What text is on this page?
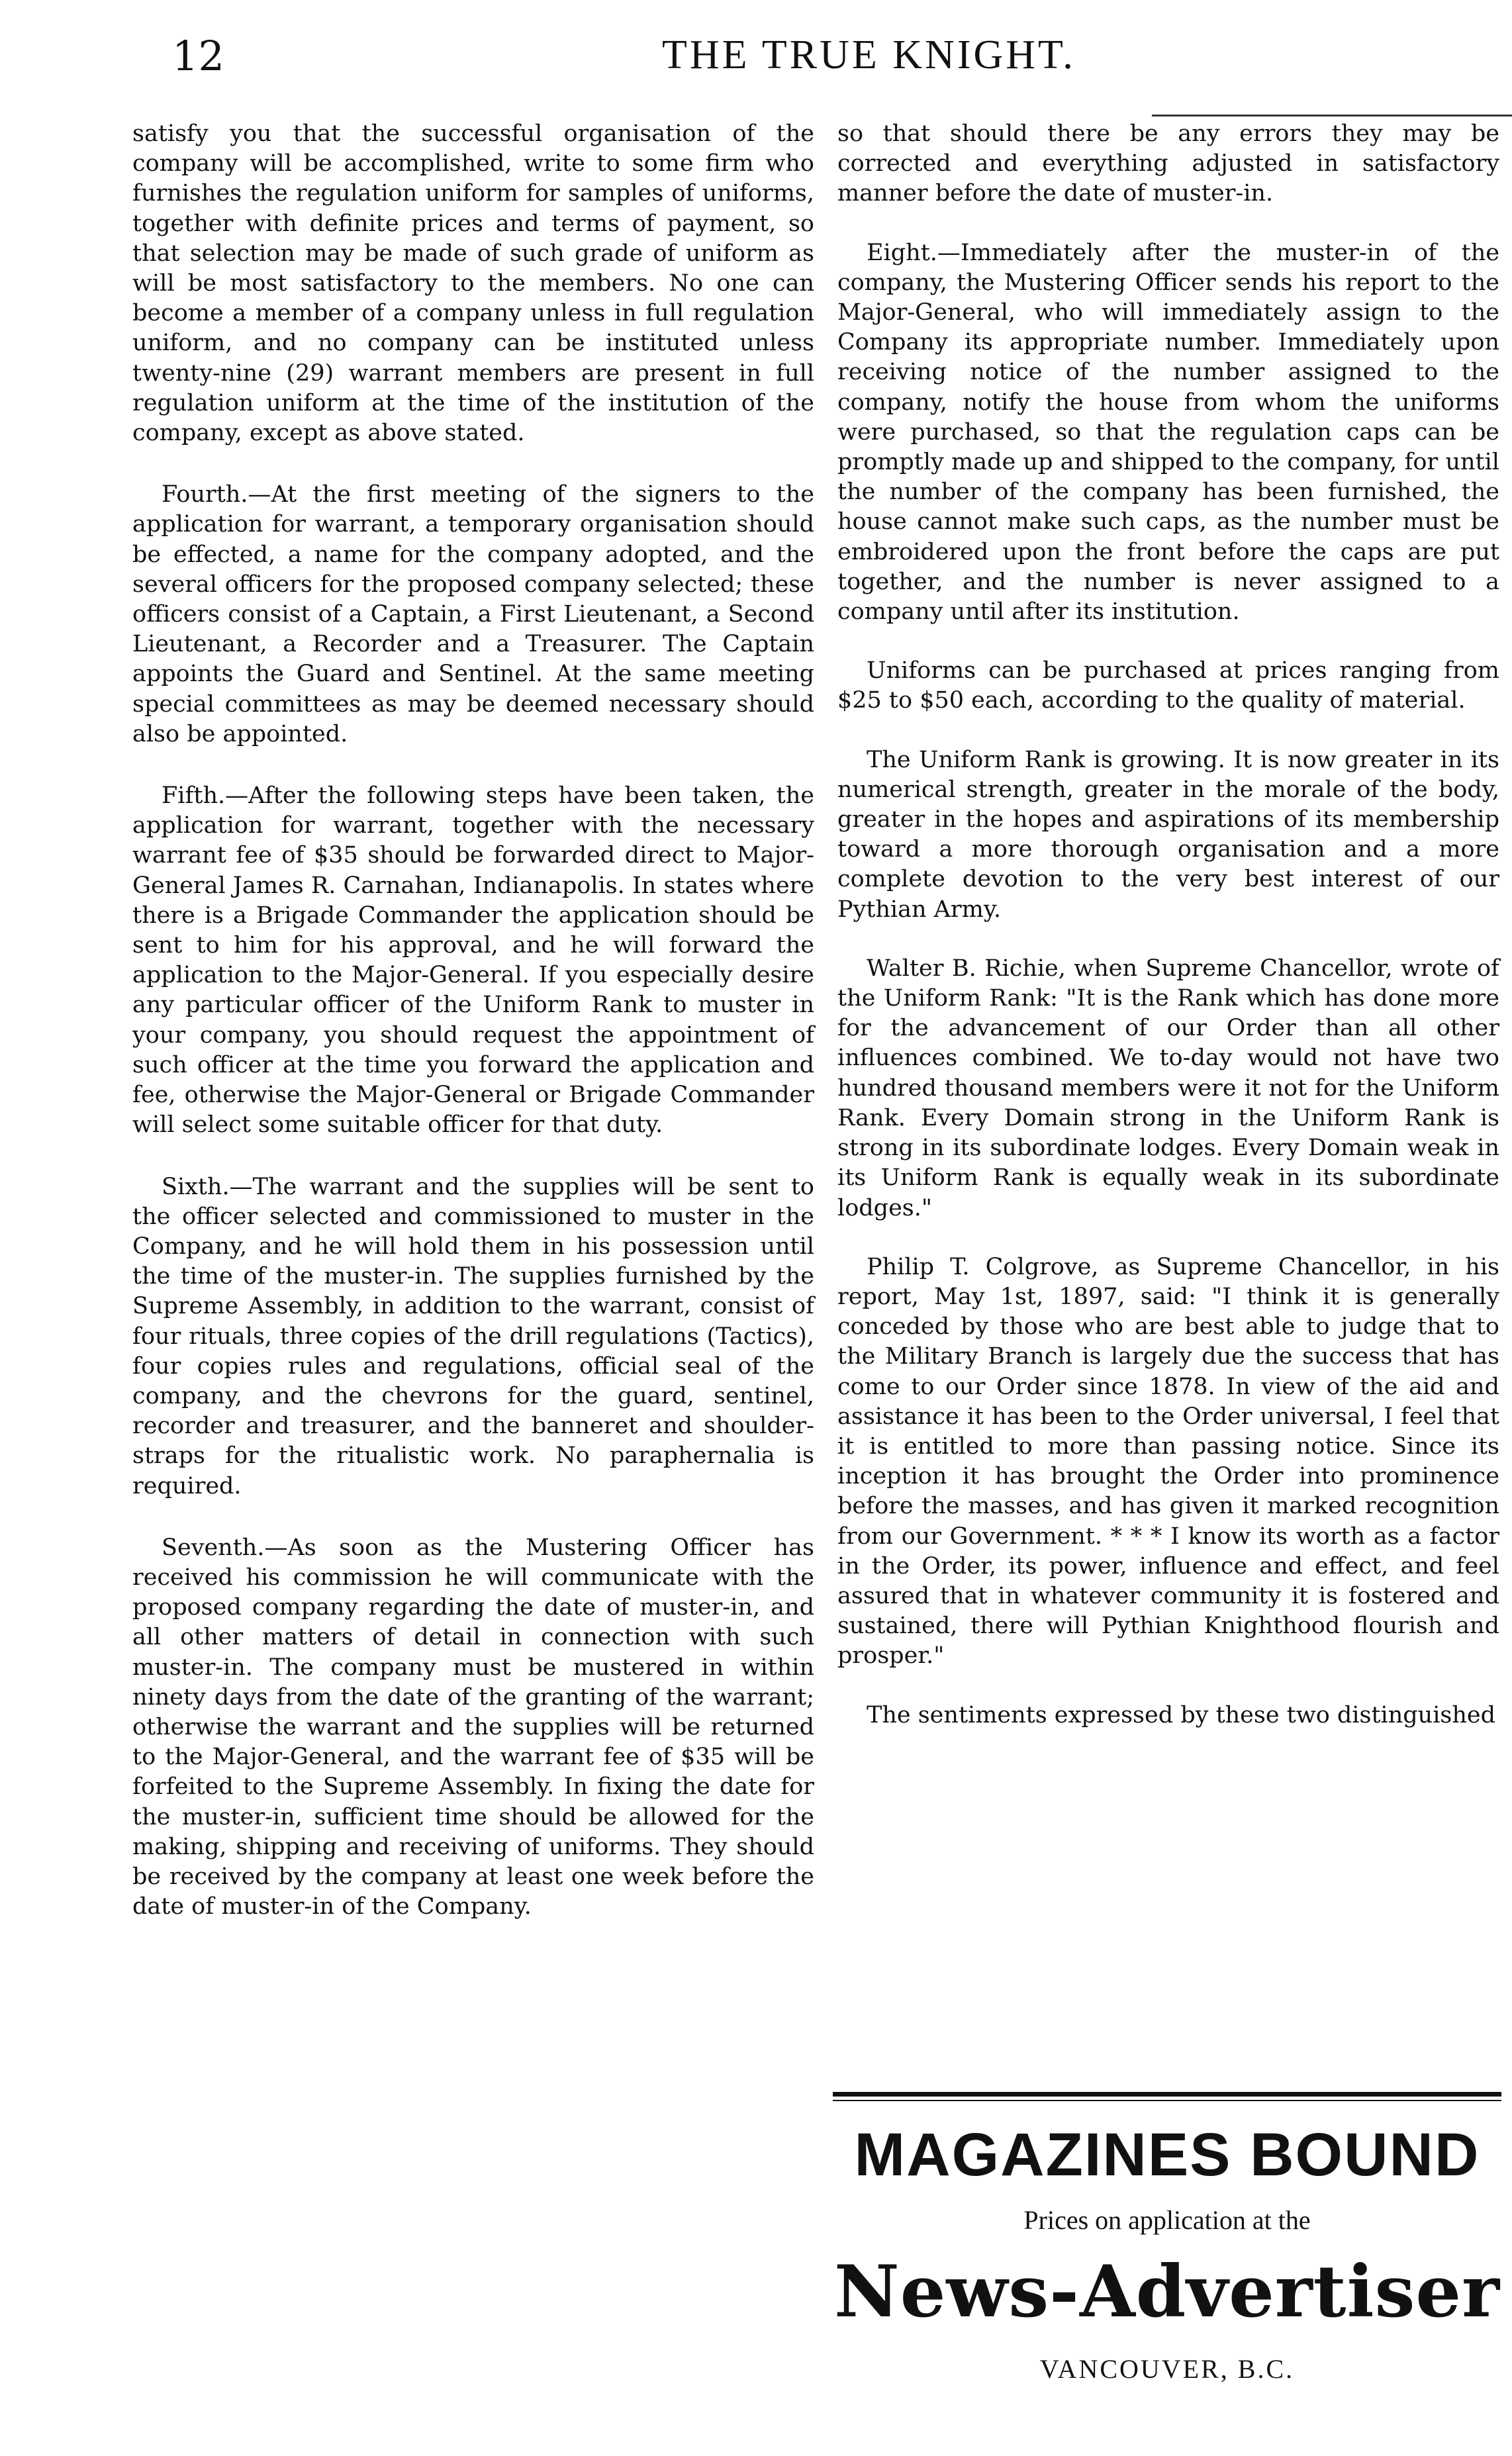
12	THE TRUE KNIGHT.

satisfy you that the successful organisation of the company will be accomplished, write to some firm who furnishes the regulation uniform for samples of uniforms, together with definite prices and terms of payment, so that selection may be made of such grade of uniform as will be most satisfactory to the members. No one can become a member of a company unless in full regulation uniform, and no company can be instituted unless twenty-nine (29) warrant members are present in full regulation uniform at the time of the institution of the company, except as above stated.

Fourth.—At the first meeting of the signers to the application for warrant, a temporary organisation should be effected, a name for the company adopted, and the several officers for the proposed company selected; these officers consist of a Captain, a First Lieutenant, a Second Lieutenant, a Recorder and a Treasurer. The Captain appoints the Guard and Sentinel. At the same meeting special committees as may be deemed necessary should also be appointed.

Fifth.—After the following steps have been taken, the application for warrant, together with the necessary warrant fee of $35 should be forwarded direct to Major-General James R. Carnahan, Indianapolis. In states where there is a Brigade Commander the application should be sent to him for his approval, and he will forward the application to the Major-General. If you especially desire any particular officer of the Uniform Rank to muster in your company, you should request the appointment of such officer at the time you forward the application and fee, otherwise the Major-General or Brigade Commander will select some suitable officer for that duty.

Sixth.—The warrant and the supplies will be sent to the officer selected and commissioned to muster in the Company, and he will hold them in his possession until the time of the muster-in. The supplies furnished by the Supreme Assembly, in addition to the warrant, consist of four rituals, three copies of the drill regulations (Tactics), four copies rules and regulations, official seal of the company, and the chevrons for the guard, sentinel, recorder and treasurer, and the banneret and shoulder-straps for the ritualistic work. No paraphernalia is required.

Seventh.—As soon as the Mustering Officer has received his commission he will communicate with the proposed company regarding the date of muster-in, and all other matters of detail in connection with such muster-in. The company must be mustered in within ninety days from the date of the granting of the warrant; otherwise the warrant and the supplies will be returned to the Major-General, and the warrant fee of $35 will be forfeited to the Supreme Assembly. In fixing the date for the muster-in, sufficient time should be allowed for the making, shipping and receiving of uniforms. They should be received by the company at least one week before the date of muster-in of the Company.

so that should there be any errors they may be corrected and everything adjusted in satisfactory manner before the date of muster-in.

Eight.—Immediately after the muster-in of the company, the Mustering Officer sends his report to the Major-General, who will immediately assign to the Company its appropriate number. Immediately upon receiving notice of the number assigned to the company, notify the house from whom the uniforms were purchased, so that the regulation caps can be promptly made up and shipped to the company, for until the number of the company has been furnished, the house cannot make such caps, as the number must be embroidered upon the front before the caps are put together, and the number is never assigned to a company until after its institution.

Uniforms can be purchased at prices ranging from $25 to $50 each, according to the quality of material.

The Uniform Rank is growing. It is now greater in its numerical strength, greater in the morale of the body, greater in the hopes and aspirations of its membership toward a more thorough organisation and a more complete devotion to the very best interest of our Pythian Army.

Walter B. Richie, when Supreme Chancellor, wrote of the Uniform Rank: "It is the Rank which has done more for the advancement of our Order than all other influences combined. We to-day would not have two hundred thousand members were it not for the Uniform Rank. Every Domain strong in the Uniform Rank is strong in its subordinate lodges. Every Domain weak in its Uniform Rank is equally weak in its subordinate lodges."

Philip T. Colgrove, as Supreme Chancellor, in his report, May 1st, 1897, said: "I think it is generally conceded by those who are best able to judge that to the Military Branch is largely due the success that has come to our Order since 1878. In view of the aid and assistance it has been to the Order universal, I feel that it is entitled to more than passing notice. Since its inception it has brought the Order into prominence before the masses, and has given it marked recognition from our Government. * * * I know its worth as a factor in the Order, its power, influence and effect, and feel assured that in whatever community it is fostered and sustained, there will Pythian Knighthood flourish and prosper."

The sentiments expressed by these two distinguished

MAGAZINES BOUND
Prices on application at the
News-Advertiser
VANCOUVER, B.C.
